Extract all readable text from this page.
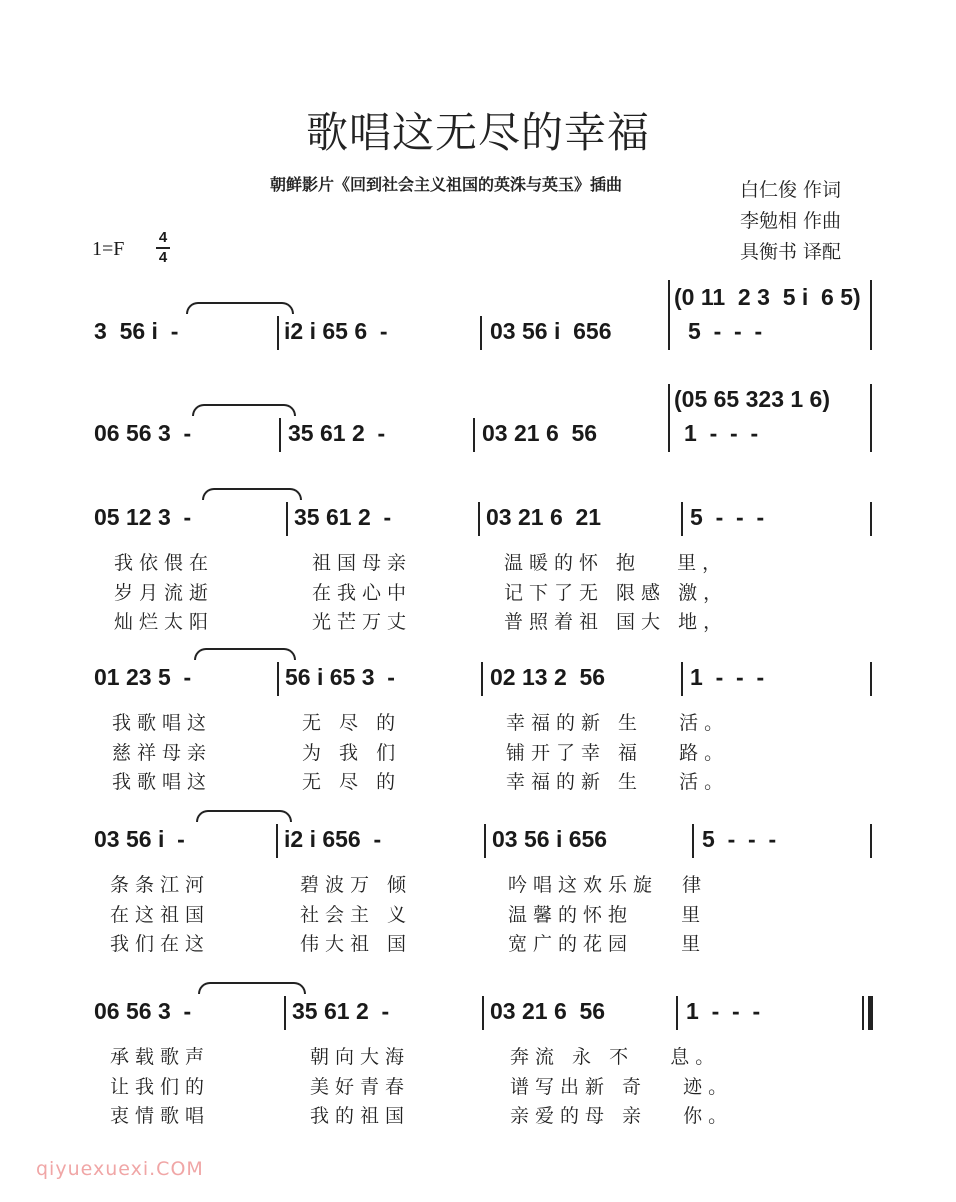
歌唱这无尽的幸福
朝鲜影片《回到社会主义祖国的英洙与英玉》插曲	白仁俊 作词
李勉相 作曲
具衡书 译配
1=F
4
4
3  56 i  -	i2 i 65 6  -	03 56 i  656
(0 11  2 3  5 i  6 5)
5  -  -  -
06 56 3  -	35 61 2  -	03 21 6  56
(05 65 323 1 6)
1  -  -  -
05 12 3  -	35 61 2  -	03 21 6  21	5  -  -  -
我依偎在	祖国母亲	温暖的怀 抱   里，
岁月流逝	在我心中	记下了无 限感 激，
灿烂太阳	光芒万丈	普照着祖 国大 地，
01 23 5  -	56 i 65 3  -	02 13 2  56	1  -  -  -
我歌唱这	无 尽 的	幸福的新 生   活。
慈祥母亲	为 我 们	铺开了幸 福   路。
我歌唱这	无 尽 的	幸福的新 生   活。
03 56 i  -	i2 i 656  -	03 56 i 656	5  -  -  -
条条江河	碧波万 倾	吟唱这欢乐旋  律
在这祖国	社会主 义	温馨的怀抱    里
我们在这	伟大祖 国	宽广的花园    里
06 56 3  -	35 61 2  -	03 21 6  56	1  -  -  -
承载歌声	朝向大海	奔流 永 不   息。
让我们的	美好青春	谱写出新 奇   迹。
衷情歌唱	我的祖国	亲爱的母 亲   你。
qiyuexuexi.COM
